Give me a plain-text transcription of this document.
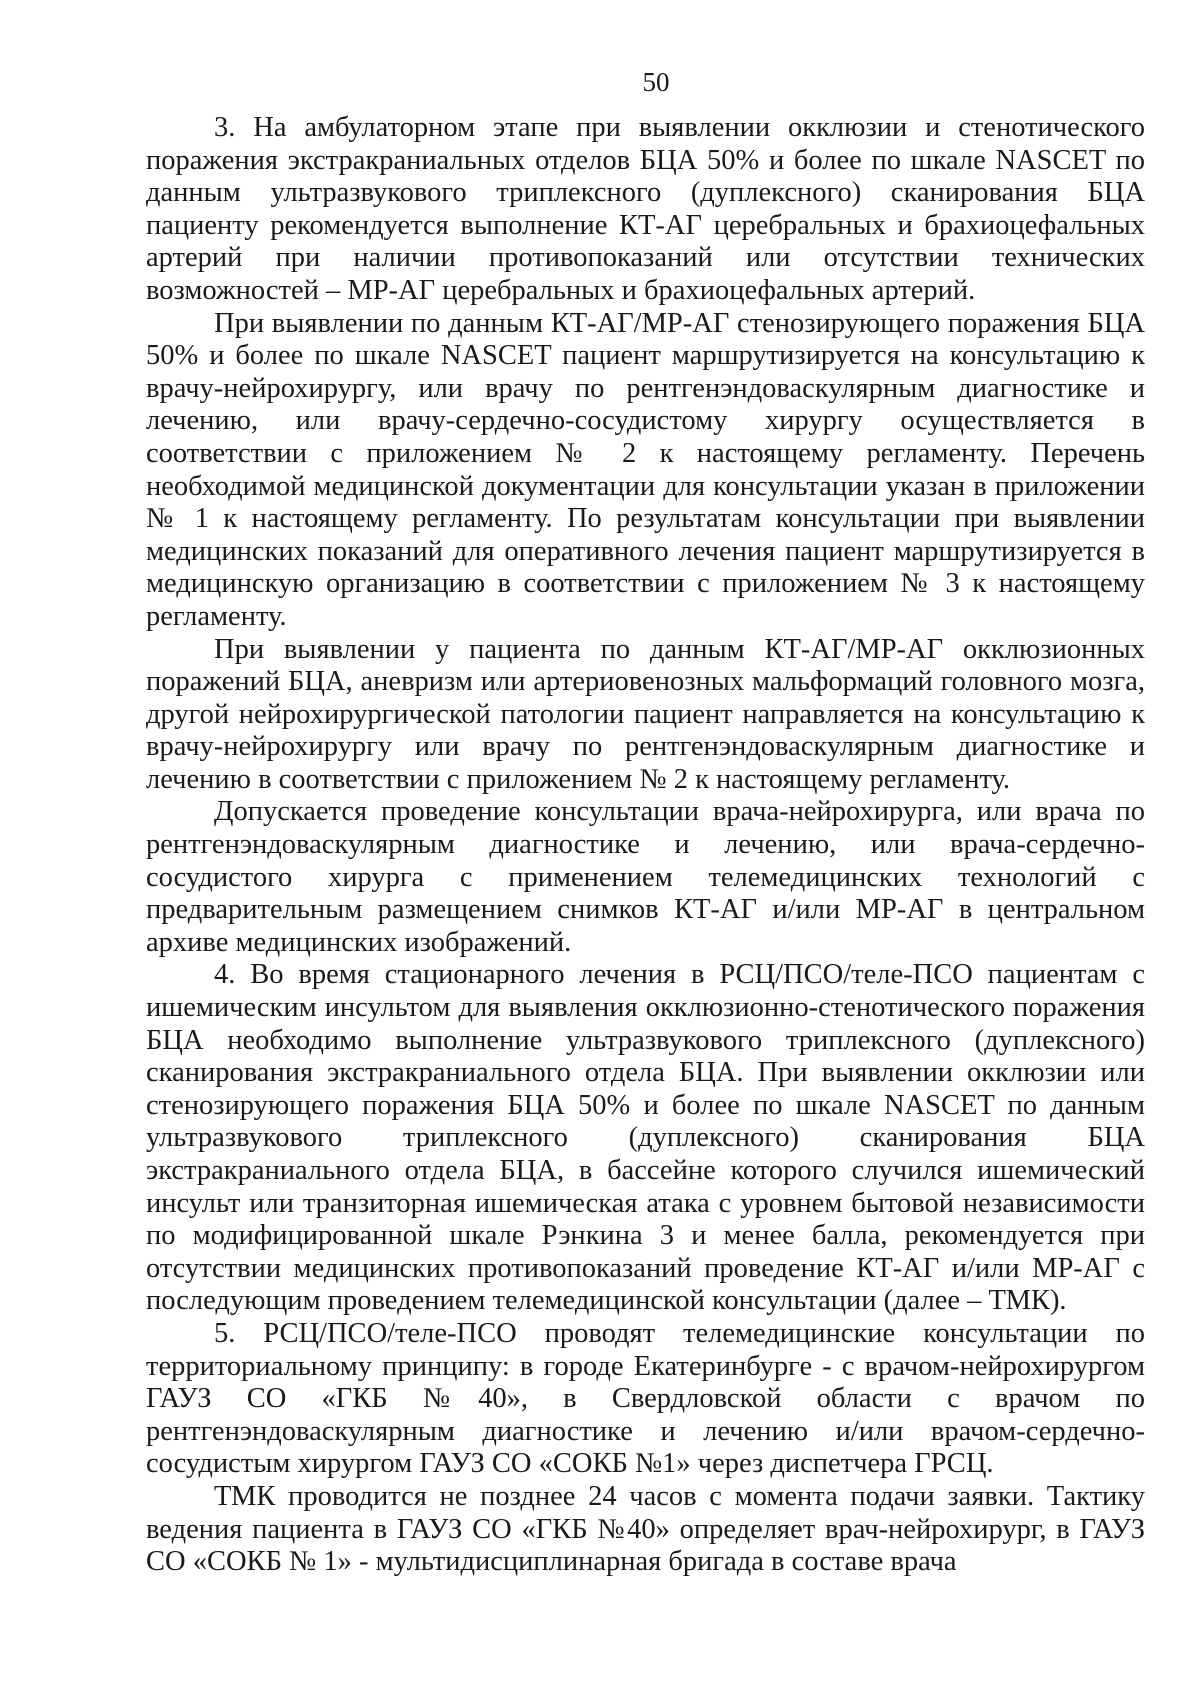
50

3. На амбулаторном этапе при выявлении окклюзии и стенотического поражения экстракраниальных отделов БЦА 50% и более по шкале NASCET по данным ультразвукового триплексного (дуплексного) сканирования БЦА пациенту рекомендуется выполнение КТ-АГ церебральных и брахиоцефальных артерий при наличии противопоказаний или отсутствии технических возможностей – МР-АГ церебральных и брахиоцефальных артерий.

При выявлении по данным КТ-АГ/МР-АГ стенозирующего поражения БЦА 50% и более по шкале NASCET пациент маршрутизируется на консультацию к врачу-нейрохирургу, или врачу по рентгенэндоваскулярным диагностике и лечению, или врачу-сердечно-сосудистому хирургу осуществляется в соответствии с приложением № 2 к настоящему регламенту. Перечень необходимой медицинской документации для консультации указан в приложении № 1 к настоящему регламенту. По результатам консультации при выявлении медицинских показаний для оперативного лечения пациент маршрутизируется в медицинскую организацию в соответствии с приложением № 3 к настоящему регламенту.

При выявлении у пациента по данным КТ-АГ/МР-АГ окклюзионных поражений БЦА, аневризм или артериовенозных мальформаций головного мозга, другой нейрохирургической патологии пациент направляется на консультацию к врачу-нейрохирургу или врачу по рентгенэндоваскулярным диагностике и лечению в соответствии с приложением № 2 к настоящему регламенту.

Допускается проведение консультации врача-нейрохирурга, или врача по рентгенэндоваскулярным диагностике и лечению, или врача-сердечно-сосудистого хирурга с применением телемедицинских технологий с предварительным размещением снимков КТ-АГ и/или МР-АГ в центральном архиве медицинских изображений.

4. Во время стационарного лечения в РСЦ/ПСО/теле-ПСО пациентам с ишемическим инсультом для выявления окклюзионно-стенотического поражения БЦА необходимо выполнение ультразвукового триплексного (дуплексного) сканирования экстракраниального отдела БЦА. При выявлении окклюзии или стенозирующего поражения БЦА 50% и более по шкале NASCET по данным ультразвукового триплексного (дуплексного) сканирования БЦА экстракраниального отдела БЦА, в бассейне которого случился ишемический инсульт или транзиторная ишемическая атака с уровнем бытовой независимости по модифицированной шкале Рэнкина 3 и менее балла, рекомендуется при отсутствии медицинских противопоказаний проведение КТ-АГ и/или МР-АГ с последующим проведением телемедицинской консультации (далее – ТМК).

5. РСЦ/ПСО/теле-ПСО проводят телемедицинские консультации по территориальному принципу: в городе Екатеринбурге - с врачом-нейрохирургом ГАУЗ СО «ГКБ №40», в Свердловской области с врачом по рентгенэндоваскулярным диагностике и лечению и/или врачом-сердечно-сосудистым хирургом ГАУЗ СО «СОКБ №1» через диспетчера ГРСЦ.

ТМК проводится не позднее 24 часов с момента подачи заявки. Тактику ведения пациента в ГАУЗ СО «ГКБ №40» определяет врач-нейрохирург, в ГАУЗ СО «СОКБ № 1» - мультидисциплинарная бригада в составе врача
